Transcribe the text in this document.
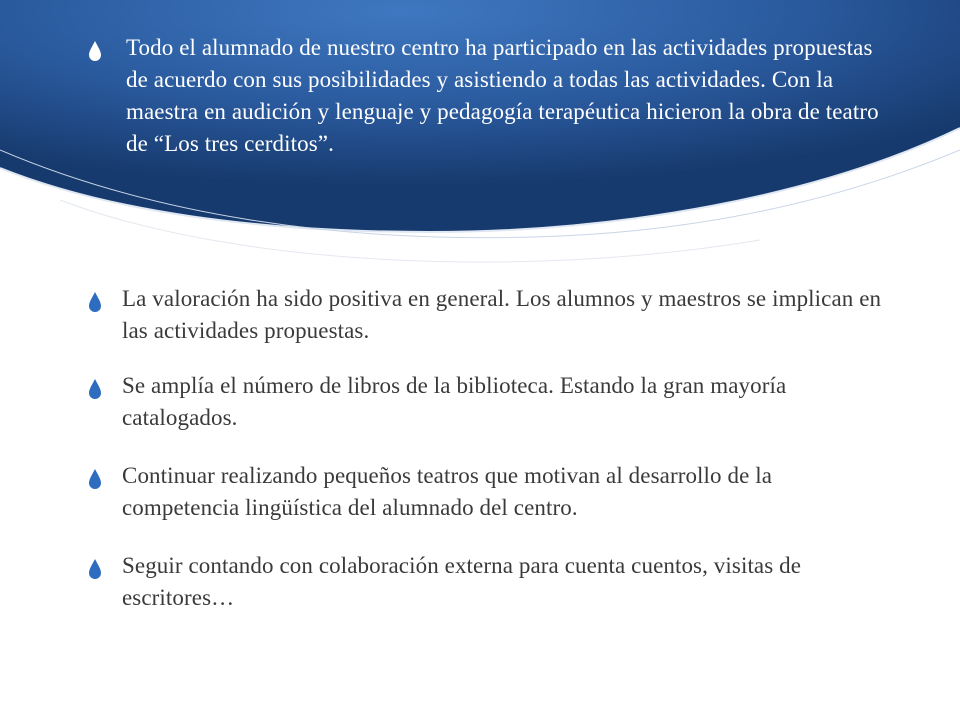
Todo el alumnado de nuestro centro ha participado en las actividades propuestas de acuerdo con sus posibilidades y asistiendo a todas las actividades. Con la maestra en audición y lenguaje y pedagogía terapéutica hicieron la obra de teatro de “Los tres cerditos”.
La valoración ha sido positiva en general. Los alumnos y maestros se implican en las actividades propuestas.
Se amplía el número de libros de la biblioteca. Estando la gran mayoría catalogados.
Continuar realizando pequeños teatros que motivan al desarrollo de la competencia lingüística del alumnado del centro.
Seguir contando con colaboración externa para cuenta cuentos, visitas de escritores…
